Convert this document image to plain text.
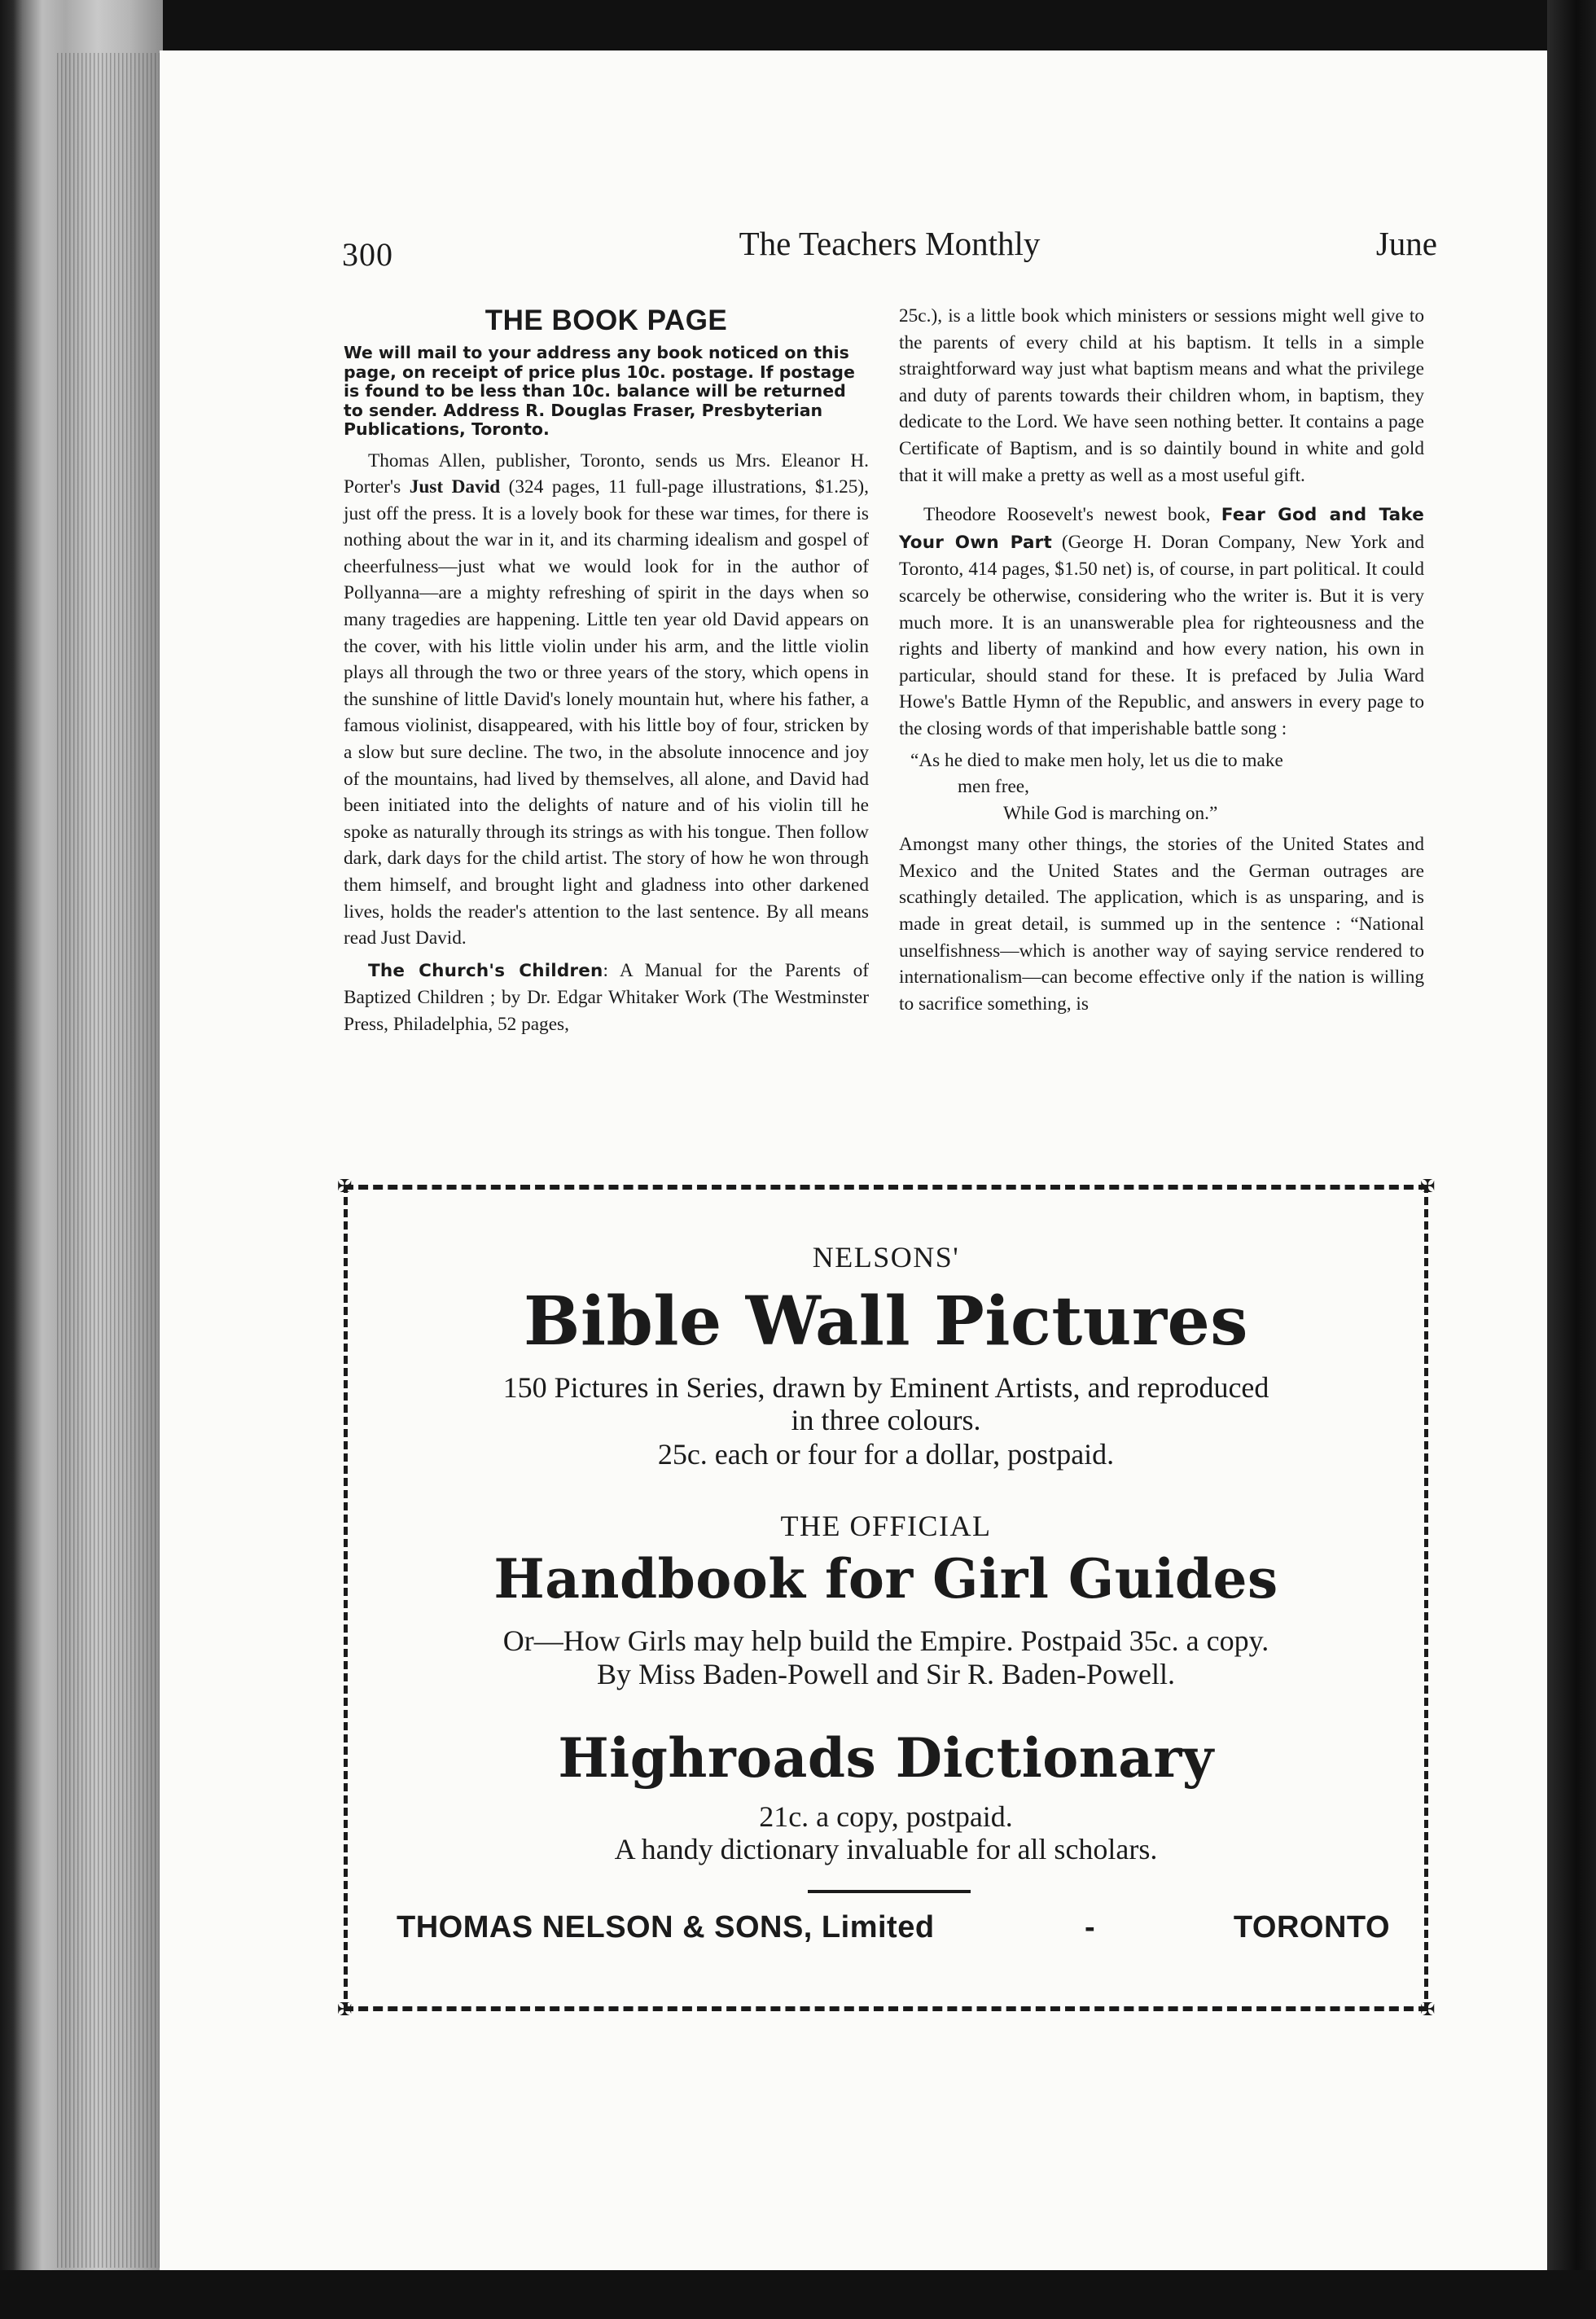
300	The Teachers Monthly	June
THE BOOK PAGE
We will mail to your address any book noticed on this page, on receipt of price plus 10c. postage. If postage is found to be less than 10c. balance will be returned to sender. Address R. Douglas Fraser, Presbyterian Publications, Toronto.

Thomas Allen, publisher, Toronto, sends us Mrs. Eleanor H. Porter's Just David (324 pages, 11 full-page illustrations, $1.25), just off the press. It is a lovely book for these war times, for there is nothing about the war in it, and its charming idealism and gospel of cheerfulness—just what we would look for in the author of Pollyanna—are a mighty refreshing of spirit in the days when so many tragedies are happening. Little ten year old David appears on the cover, with his little violin under his arm, and the little violin plays all through the two or three years of the story, which opens in the sunshine of little David's lonely mountain hut, where his father, a famous violinist, disappeared, with his little boy of four, stricken by a slow but sure decline. The two, in the absolute innocence and joy of the mountains, had lived by themselves, all alone, and David had been initiated into the delights of nature and of his violin till he spoke as naturally through its strings as with his tongue. Then follow dark, dark days for the child artist. The story of how he won through them himself, and brought light and gladness into other darkened lives, holds the reader's attention to the last sentence. By all means read Just David.

The Church's Children: A Manual for the Parents of Baptized Children ; by Dr. Edgar Whitaker Work (The Westminster Press, Philadelphia, 52 pages,

25c.), is a little book which ministers or sessions might well give to the parents of every child at his baptism. It tells in a simple straightforward way just what baptism means and what the privilege and duty of parents towards their children whom, in baptism, they dedicate to the Lord. We have seen nothing better. It contains a page Certificate of Baptism, and is so daintily bound in white and gold that it will make a pretty as well as a most useful gift.

Theodore Roosevelt's newest book, Fear God and Take Your Own Part (George H. Doran Company, New York and Toronto, 414 pages, $1.50 net) is, of course, in part political. It could scarcely be otherwise, considering who the writer is. But it is very much more. It is an unanswerable plea for righteousness and the rights and liberty of mankind and how every nation, his own in particular, should stand for these. It is prefaced by Julia Ward Howe's Battle Hymn of the Republic, and answers in every page to the closing words of that imperishable battle song :

“As he died to make men holy, let us die to make
men free,
While God is marching on.”

Amongst many other things, the stories of the United States and Mexico and the United States and the German outrages are scathingly detailed. The application, which is as unsparing, and is made in great detail, is summed up in the sentence : “National unselfishness—which is another way of saying service rendered to internationalism—can become effective only if the nation is willing to sacrifice something, is

✠	✠
✠	✠
NELSONS'
Bible Wall Pictures
150 Pictures in Series, drawn by Eminent Artists, and reproduced
in three colours.
25c. each or four for a dollar, postpaid.
THE OFFICIAL
Handbook for Girl Guides
Or—How Girls may help build the Empire. Postpaid 35c. a copy.
By Miss Baden-Powell and Sir R. Baden-Powell.
Highroads Dictionary
21c. a copy, postpaid.
A handy dictionary invaluable for all scholars.
THOMAS NELSON & SONS, Limited	-	TORONTO
